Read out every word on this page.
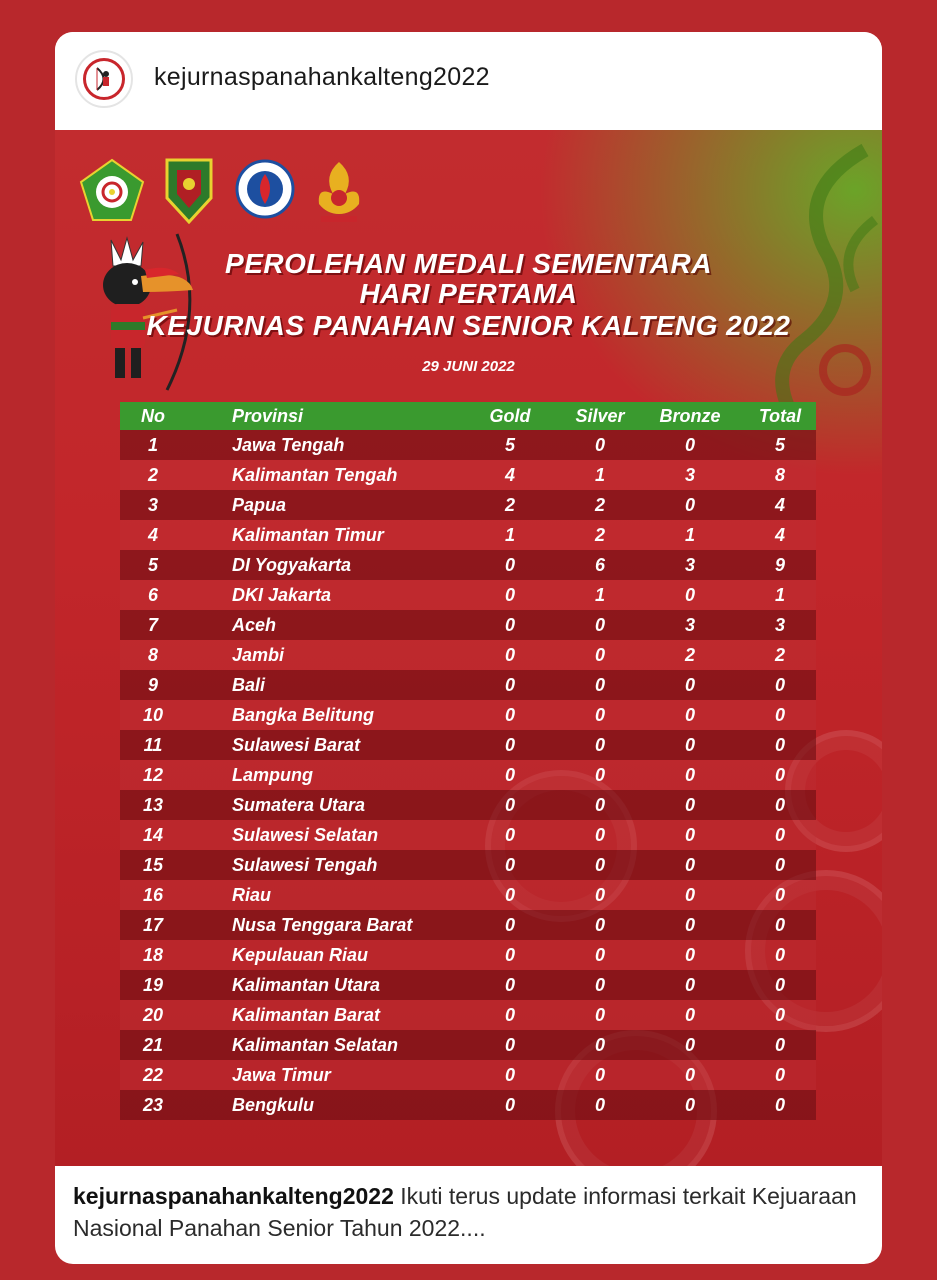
kejurnaspanahankalteng2022
PEROLEHAN MEDALI SEMENTARA
HARI PERTAMA
KEJURNAS PANAHAN SENIOR KALTENG 2022
29 JUNI 2022
No	Provinsi	Gold	Silver	Bronze	Total
1	Jawa Tengah	5	0	0	5
2	Kalimantan Tengah	4	1	3	8
3	Papua	2	2	0	4
4	Kalimantan Timur	1	2	1	4
5	DI Yogyakarta	0	6	3	9
6	DKI Jakarta	0	1	0	1
7	Aceh	0	0	3	3
8	Jambi	0	0	2	2
9	Bali	0	0	0	0
10	Bangka Belitung	0	0	0	0
11	Sulawesi Barat	0	0	0	0
12	Lampung	0	0	0	0
13	Sumatera Utara	0	0	0	0
14	Sulawesi Selatan	0	0	0	0
15	Sulawesi Tengah	0	0	0	0
16	Riau	0	0	0	0
17	Nusa Tenggara Barat	0	0	0	0
18	Kepulauan Riau	0	0	0	0
19	Kalimantan Utara	0	0	0	0
20	Kalimantan Barat	0	0	0	0
21	Kalimantan Selatan	0	0	0	0
22	Jawa Timur	0	0	0	0
23	Bengkulu	0	0	0	0
kejurnaspanahankalteng2022 Ikuti terus update informasi terkait Kejuaraan Nasional Panahan Senior Tahun 2022....
